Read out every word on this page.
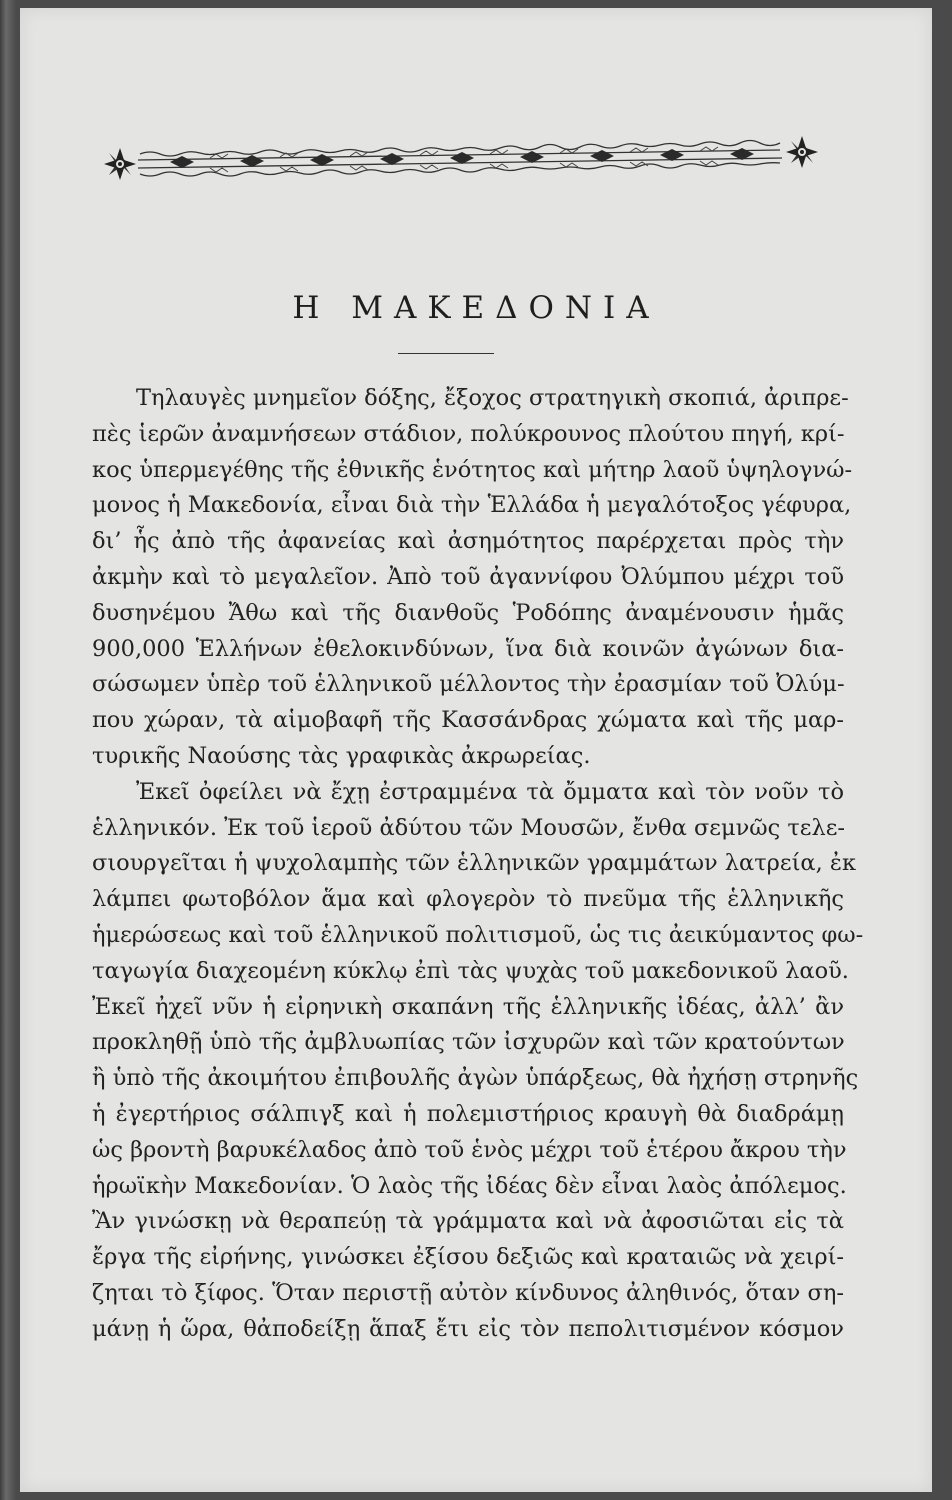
Η ΜΑΚΕΔΟΝΙΑ
Τηλαυγὲς μνημεῖον δόξης, ἔξοχος στρατηγικὴ σκοπιά, ἀριπρε-
πὲς ἱερῶν ἀναμνήσεων στάδιον, πολύκρουνος πλούτου πηγή, κρί-
κος ὑπερμεγέθης τῆς ἐθνικῆς ἑνότητος καὶ μήτηρ λαοῦ ὑψηλογνώ-
μονος ἡ Μακεδονία, εἶναι διὰ τὴν Ἑλλάδα ἡ μεγαλότοξος γέφυρα,
δι’ ἧς ἀπὸ τῆς ἀφανείας καὶ ἀσημότητος παρέρχεται πρὸς τὴν
ἀκμὴν καὶ τὸ μεγαλεῖον. Ἀπὸ τοῦ ἀγαννίφου Ὀλύμπου μέχρι τοῦ
δυσηνέμου Ἄθω καὶ τῆς διανθοῦς Ῥοδόπης ἀναμένουσιν ἡμᾶς
900,000 Ἑλλήνων ἐθελοκινδύνων, ἵνα διὰ κοινῶν ἀγώνων δια-
σώσωμεν ὑπὲρ τοῦ ἑλληνικοῦ μέλλοντος τὴν ἐρασμίαν τοῦ Ὀλύμ-
που χώραν, τὰ αἱμοβαφῆ τῆς Κασσάνδρας χώματα καὶ τῆς μαρ-
τυρικῆς Ναούσης τὰς γραφικὰς ἀκρωρείας.
Ἐκεῖ ὀφείλει νὰ ἔχῃ ἐστραμμένα τὰ ὄμματα καὶ τὸν νοῦν τὸ
ἑλληνικόν. Ἐκ τοῦ ἱεροῦ ἀδύτου τῶν Μουσῶν, ἔνθα σεμνῶς τελε-
σιουργεῖται ἡ ψυχολαμπὴς τῶν ἑλληνικῶν γραμμάτων λατρεία, ἐκ
λάμπει φωτοβόλον ἅμα καὶ φλογερὸν τὸ πνεῦμα τῆς ἑλληνικῆς
ἡμερώσεως καὶ τοῦ ἑλληνικοῦ πολιτισμοῦ, ὡς τις ἀεικύμαντος φω-
ταγωγία διαχεομένη κύκλῳ ἐπὶ τὰς ψυχὰς τοῦ μακεδονικοῦ λαοῦ.
Ἐκεῖ ἠχεῖ νῦν ἡ εἰρηνικὴ σκαπάνη τῆς ἑλληνικῆς ἰδέας, ἀλλ’ ἂν
προκληθῇ ὑπὸ τῆς ἀμβλυωπίας τῶν ἰσχυρῶν καὶ τῶν κρατούντων
ἢ ὑπὸ τῆς ἀκοιμήτου ἐπιβουλῆς ἀγὼν ὑπάρξεως, θὰ ἠχήσῃ στρηνῆς
ἡ ἐγερτήριος σάλπιγξ καὶ ἡ πολεμιστήριος κραυγὴ θὰ διαδράμῃ
ὡς βροντὴ βαρυκέλαδος ἀπὸ τοῦ ἑνὸς μέχρι τοῦ ἑτέρου ἄκρου τὴν
ἡρωϊκὴν Μακεδονίαν. Ὁ λαὸς τῆς ἰδέας δὲν εἶναι λαὸς ἀπόλεμος.
Ἂν γινώσκῃ νὰ θεραπεύῃ τὰ γράμματα καὶ νὰ ἀφοσιῶται εἰς τὰ
ἔργα τῆς εἰρήνης, γινώσκει ἐξίσου δεξιῶς καὶ κραταιῶς νὰ χειρί-
ζηται τὸ ξίφος. Ὅταν περιστῇ αὐτὸν κίνδυνος ἀληθινός, ὅταν ση-
μάνῃ ἡ ὥρα, θἀποδείξῃ ἅπαξ ἔτι εἰς τὸν πεπολιτισμένον κόσμον
